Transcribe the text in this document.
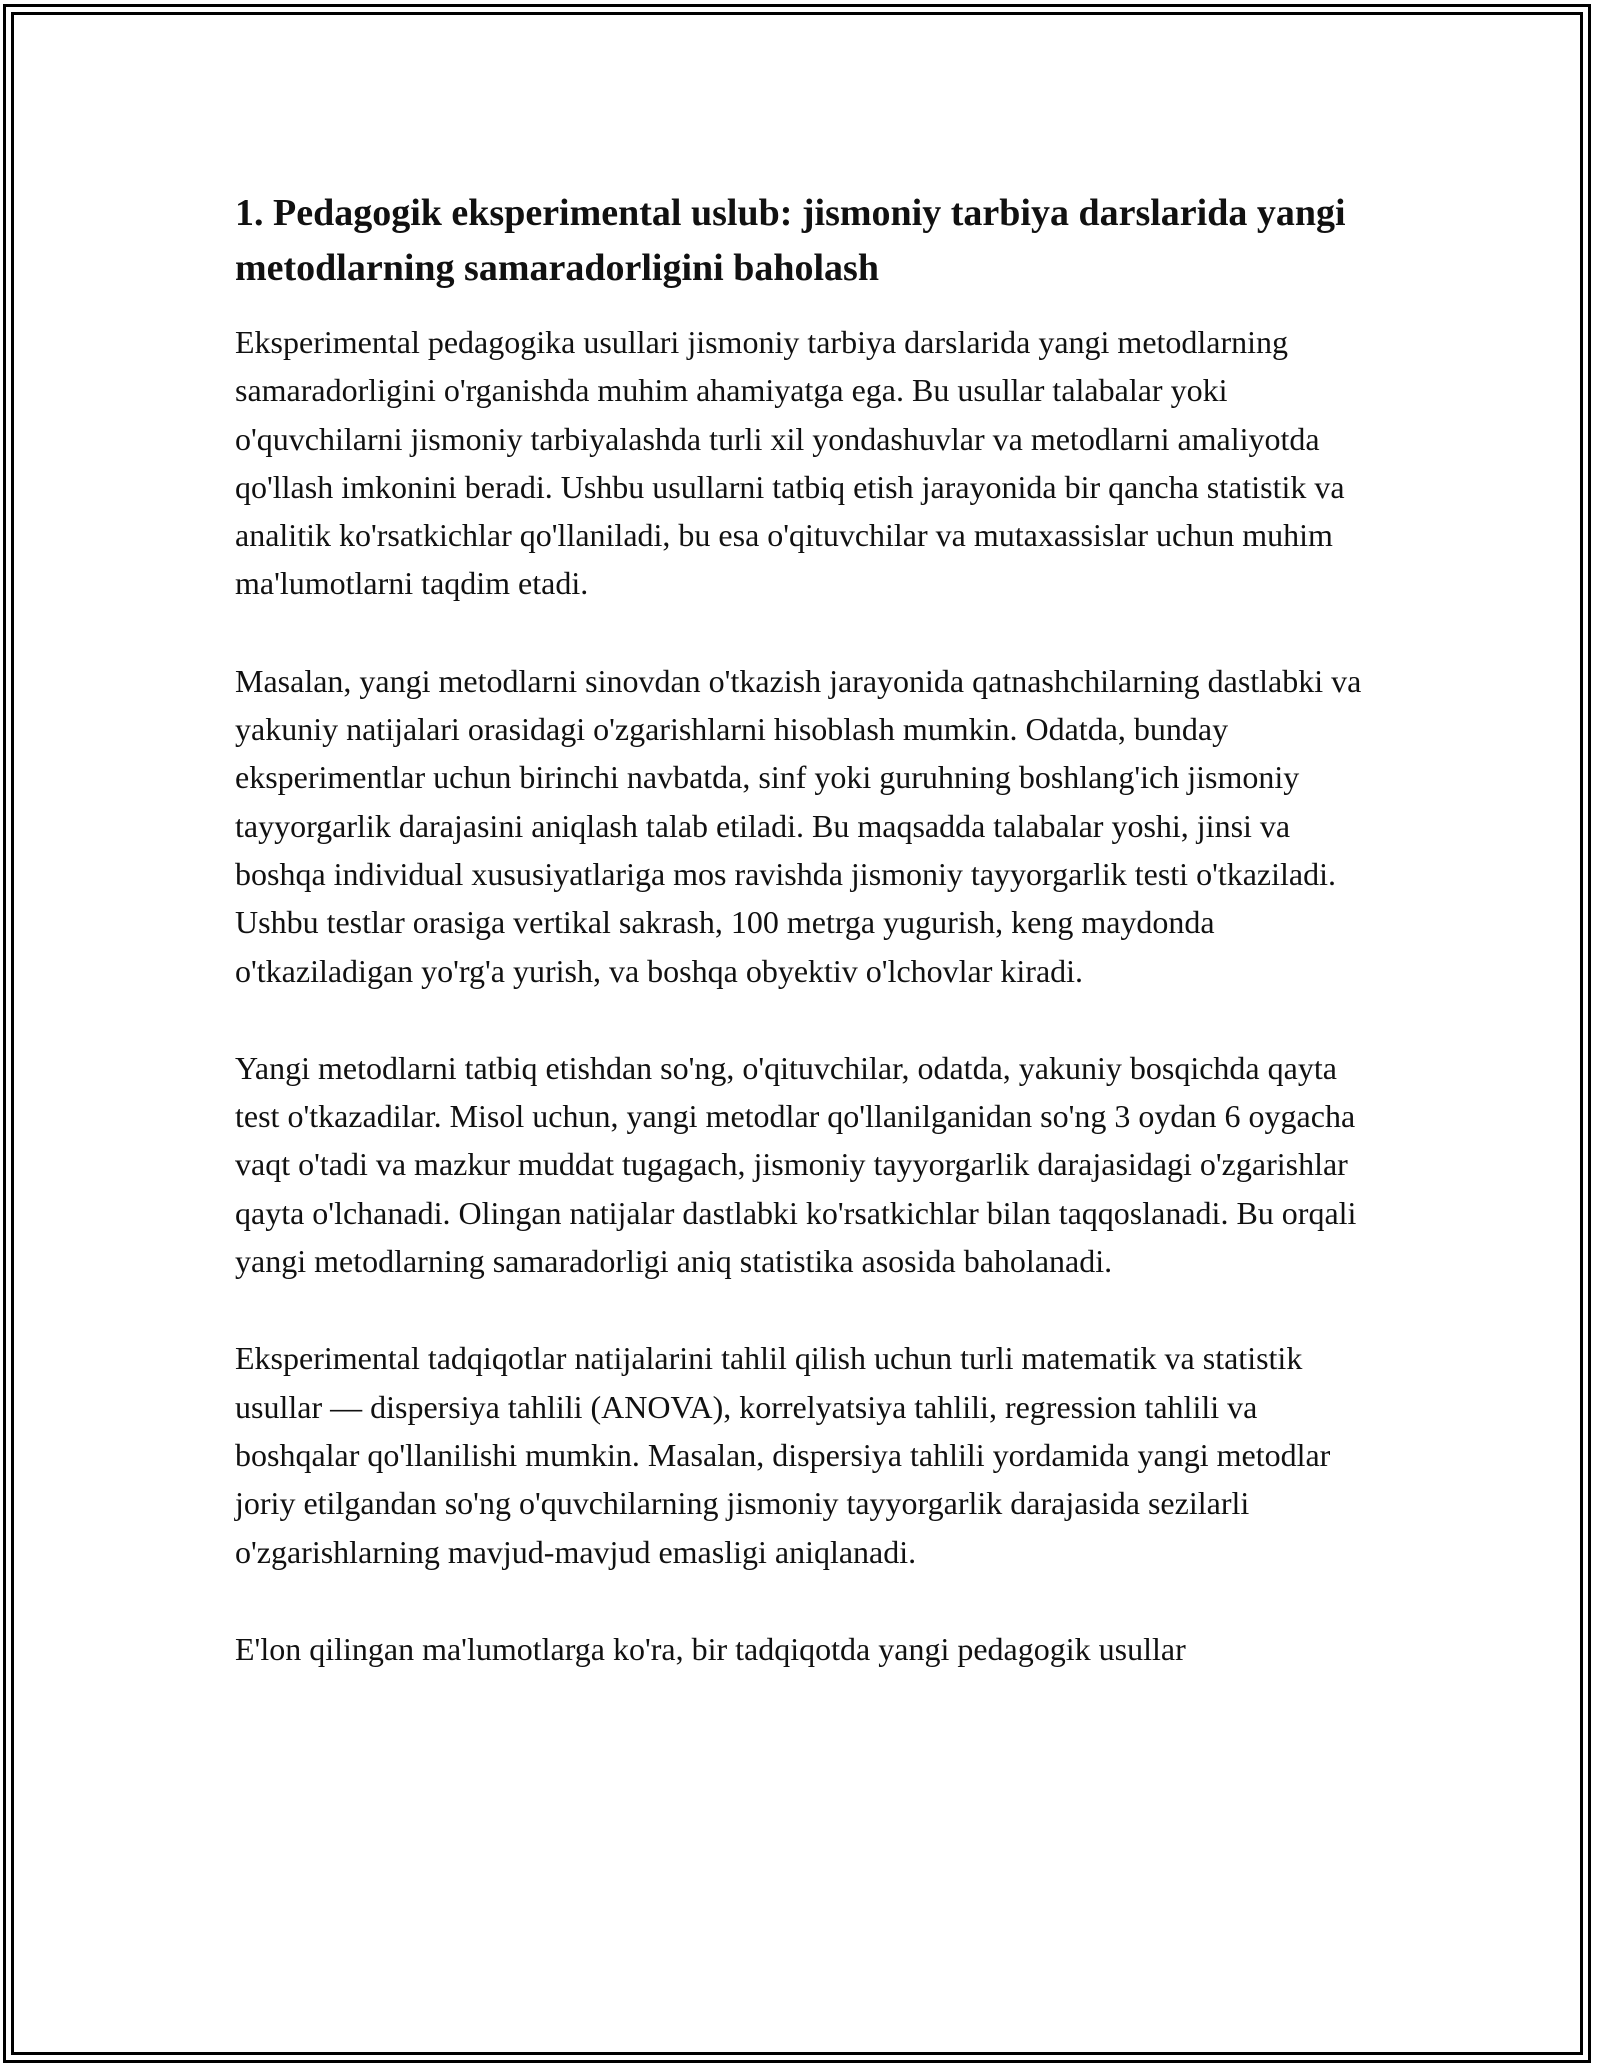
1. Pedagogik eksperimental uslub: jismoniy tarbiya darslarida yangi metodlarning samaradorligini baholash

Eksperimental pedagogika usullari jismoniy tarbiya darslarida yangi metodlarning samaradorligini o'rganishda muhim ahamiyatga ega. Bu usullar talabalar yoki o'quvchilarni jismoniy tarbiyalashda turli xil yondashuvlar va metodlarni amaliyotda qo'llash imkonini beradi. Ushbu usullarni tatbiq etish jarayonida bir qancha statistik va analitik ko'rsatkichlar qo'llaniladi, bu esa o'qituvchilar va mutaxassislar uchun muhim ma'lumotlarni taqdim etadi.

Masalan, yangi metodlarni sinovdan o'tkazish jarayonida qatnashchilarning dastlabki va yakuniy natijalari orasidagi o'zgarishlarni hisoblash mumkin. Odatda, bunday eksperimentlar uchun birinchi navbatda, sinf yoki guruhning boshlang'ich jismoniy tayyorgarlik darajasini aniqlash talab etiladi. Bu maqsadda talabalar yoshi, jinsi va boshqa individual xususiyatlariga mos ravishda jismoniy tayyorgarlik testi o'tkaziladi. Ushbu testlar orasiga vertikal sakrash, 100 metrga yugurish, keng maydonda o'tkaziladigan yo'rg'a yurish, va boshqa obyektiv o'lchovlar kiradi.

Yangi metodlarni tatbiq etishdan so'ng, o'qituvchilar, odatda, yakuniy bosqichda qayta test o'tkazadilar. Misol uchun, yangi metodlar qo'llanilganidan so'ng 3 oydan 6 oygacha vaqt o'tadi va mazkur muddat tugagach, jismoniy tayyorgarlik darajasidagi o'zgarishlar qayta o'lchanadi. Olingan natijalar dastlabki ko'rsatkichlar bilan taqqoslanadi. Bu orqali yangi metodlarning samaradorligi aniq statistika asosida baholanadi.

Eksperimental tadqiqotlar natijalarini tahlil qilish uchun turli matematik va statistik usullar — dispersiya tahlili (ANOVA), korrelyatsiya tahlili, regression tahlili va boshqalar qo'llanilishi mumkin. Masalan, dispersiya tahlili yordamida yangi metodlar joriy etilgandan so'ng o'quvchilarning jismoniy tayyorgarlik darajasida sezilarli o'zgarishlarning mavjud-mavjud emasligi aniqlanadi.

E'lon qilingan ma'lumotlarga ko'ra, bir tadqiqotda yangi pedagogik usullar
